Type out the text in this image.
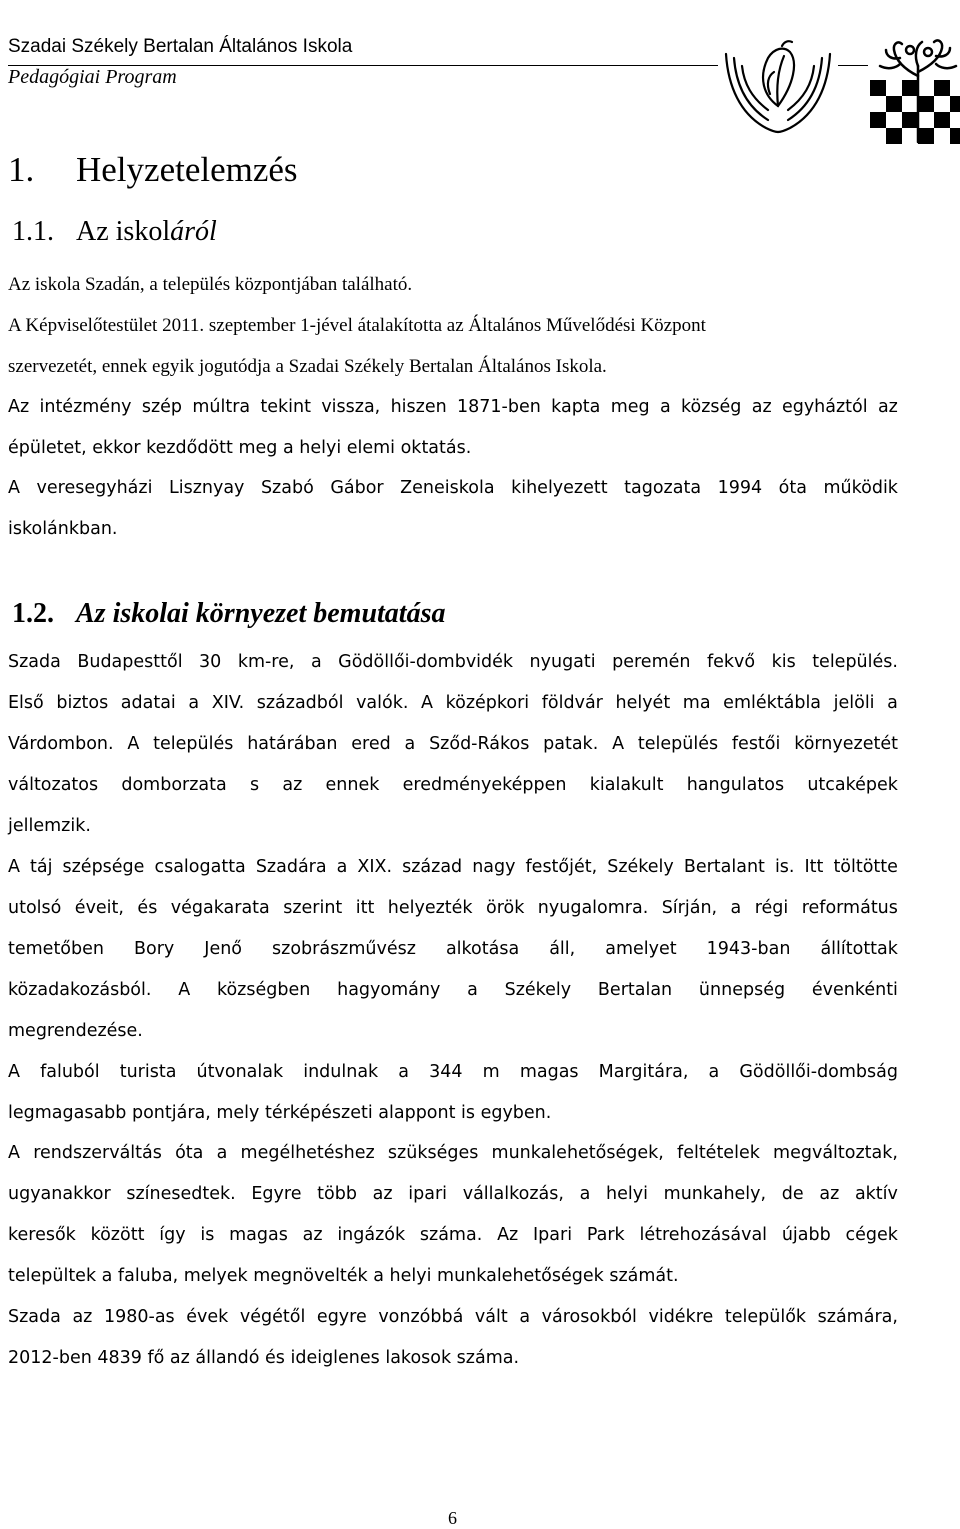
Szadai Székely Bertalan Általános Iskola
Pedagógiai Program
1. Helyzetelemzés
1.1. Az iskoláról
Az iskola Szadán, a település központjában található.
A Képviselőtestület 2011. szeptember 1-jével átalakította az Általános Művelődési Központ
szervezetét, ennek egyik jogutódja a Szadai Székely Bertalan Általános Iskola.
Az intézmény szép múltra tekint vissza, hiszen 1871-ben kapta meg a község az egyháztól az
épületet, ekkor kezdődött meg a helyi elemi oktatás.
A veresegyházi Lisznyay Szabó Gábor Zeneiskola kihelyezett tagozata 1994 óta működik
iskolánkban.
1.2. Az iskolai környezet bemutatása
Szada Budapesttől 30 km-re, a Gödöllői-dombvidék nyugati peremén fekvő kis település.
Első biztos adatai a XIV. századból valók. A középkori földvár helyét ma emléktábla jelöli a
Várdombon. A település határában ered a Sződ-Rákos patak. A település festői környezetét
változatos domborzata s az ennek eredményeképpen kialakult hangulatos utcaképek
jellemzik.
A táj szépsége csalogatta Szadára a XIX. század nagy festőjét, Székely Bertalant is. Itt töltötte
utolsó éveit, és végakarata szerint itt helyezték örök nyugalomra. Sírján, a régi református
temetőben Bory Jenő szobrászművész alkotása áll, amelyet 1943-ban állítottak
közadakozásból. A községben hagyomány a Székely Bertalan ünnepség évenkénti
megrendezése.
A faluból turista útvonalak indulnak a 344 m magas Margitára, a Gödöllői-dombság
legmagasabb pontjára, mely térképészeti alappont is egyben.
A rendszerváltás óta a megélhetéshez szükséges munkalehetőségek, feltételek megváltoztak,
ugyanakkor színesedtek. Egyre több az ipari vállalkozás, a helyi munkahely, de az aktív
keresők között így is magas az ingázók száma. Az Ipari Park létrehozásával újabb cégek
települtek a faluba, melyek megnövelték a helyi munkalehetőségek számát.
Szada az 1980-as évek végétől egyre vonzóbbá vált a városokból vidékre települők számára,
2012-ben 4839 fő az állandó és ideiglenes lakosok száma.
6
